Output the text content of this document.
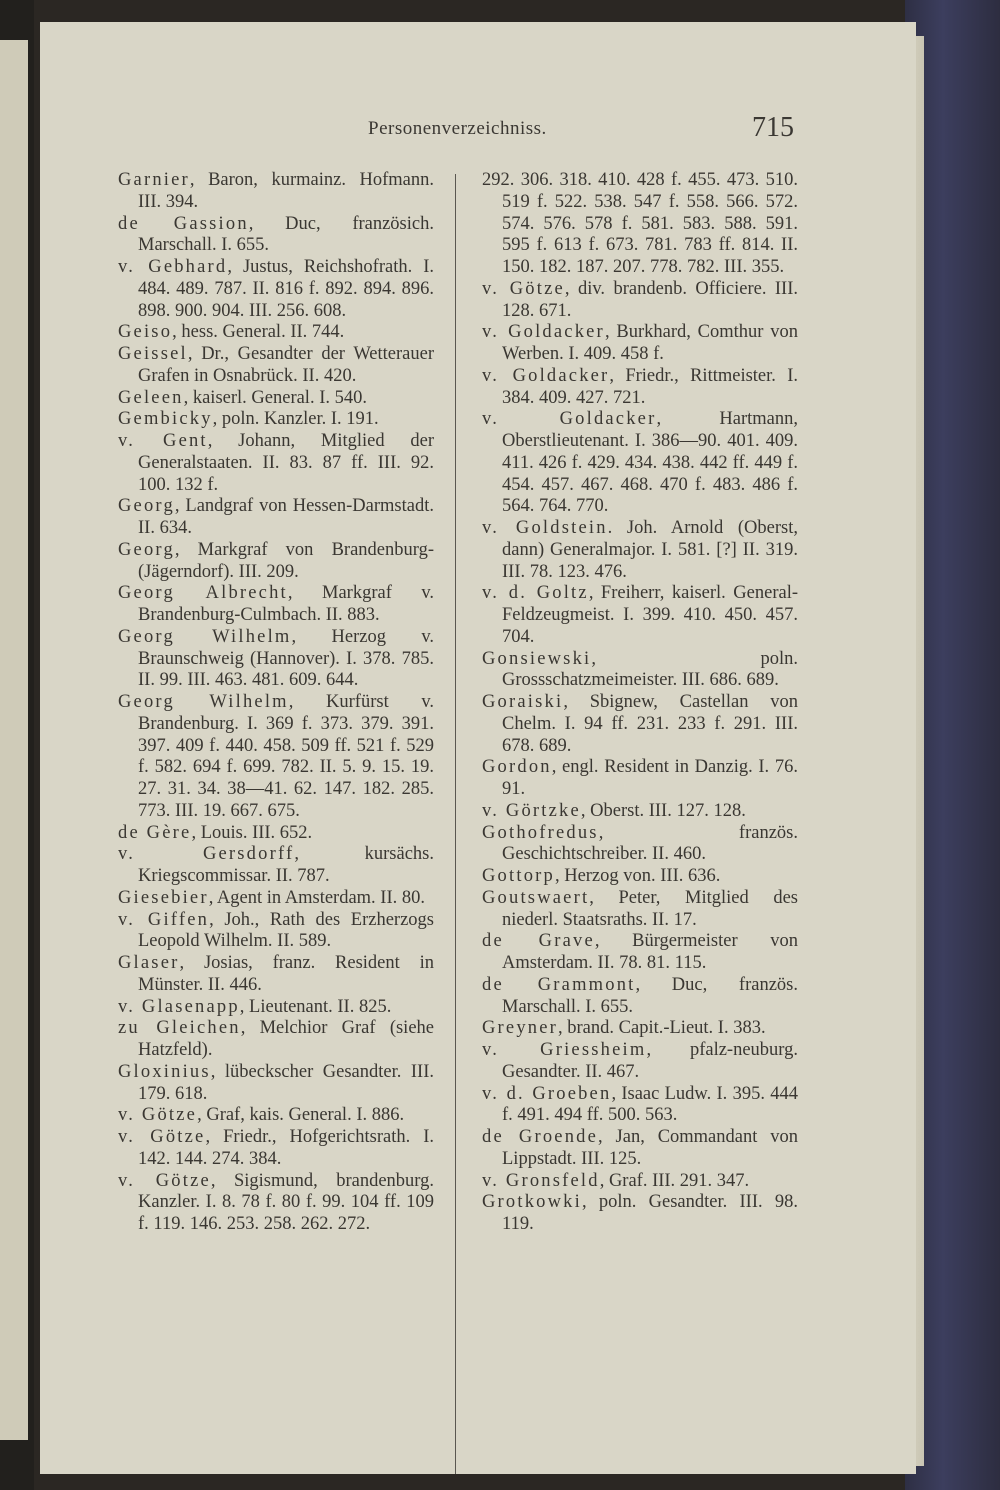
Personenverzeichniss.	715

Garnier, Baron, kurmainz. Hofmann. III. 394.

de Gassion, Duc, französich. Marschall. I. 655.

v. Gebhard, Justus, Reichshofrath. I. 484. 489. 787. II. 816 f. 892. 894. 896. 898. 900. 904. III. 256. 608.

Geiso, hess. General. II. 744.

Geissel, Dr., Gesandter der Wetterauer Grafen in Osnabrück. II. 420.

Geleen, kaiserl. General. I. 540.

Gembicky, poln. Kanzler. I. 191.

v. Gent, Johann, Mitglied der Generalstaaten. II. 83. 87 ff. III. 92. 100. 132 f.

Georg, Landgraf von Hessen-Darmstadt. II. 634.

Georg, Markgraf von Brandenburg-(Jägerndorf). III. 209.

Georg Albrecht, Markgraf v. Brandenburg-Culmbach. II. 883.

Georg Wilhelm, Herzog v. Braunschweig (Hannover). I. 378. 785. II. 99. III. 463. 481. 609. 644.

Georg Wilhelm, Kurfürst v. Brandenburg. I. 369 f. 373. 379. 391. 397. 409 f. 440. 458. 509 ff. 521 f. 529 f. 582. 694 f. 699. 782. II. 5. 9. 15. 19. 27. 31. 34. 38—41. 62. 147. 182. 285. 773. III. 19. 667. 675.

de Gère, Louis. III. 652.

v. Gersdorff, kursächs. Kriegscommissar. II. 787.

Giesebier, Agent in Amsterdam. II. 80.

v. Giffen, Joh., Rath des Erzherzogs Leopold Wilhelm. II. 589.

Glaser, Josias, franz. Resident in Münster. II. 446.

v. Glasenapp, Lieutenant. II. 825.

zu Gleichen, Melchior Graf (siehe Hatzfeld).

Gloxinius, lübeckscher Gesandter. III. 179. 618.

v. Götze, Graf, kais. General. I. 886.

v. Götze, Friedr., Hofgerichtsrath. I. 142. 144. 274. 384.

v. Götze, Sigismund, brandenburg. Kanzler. I. 8. 78 f. 80 f. 99. 104 ff. 109 f. 119. 146. 253. 258. 262. 272.

292. 306. 318. 410. 428 f. 455. 473. 510. 519 f. 522. 538. 547 f. 558. 566. 572. 574. 576. 578 f. 581. 583. 588. 591. 595 f. 613 f. 673. 781. 783 ff. 814. II. 150. 182. 187. 207. 778. 782. III. 355.

v. Götze, div. brandenb. Officiere. III. 128. 671.

v. Goldacker, Burkhard, Comthur von Werben. I. 409. 458 f.

v. Goldacker, Friedr., Rittmeister. I. 384. 409. 427. 721.

v. Goldacker, Hartmann, Oberstlieutenant. I. 386—90. 401. 409. 411. 426 f. 429. 434. 438. 442 ff. 449 f. 454. 457. 467. 468. 470 f. 483. 486 f. 564. 764. 770.

v. Goldstein. Joh. Arnold (Oberst, dann) Generalmajor. I. 581. [?] II. 319. III. 78. 123. 476.

v. d. Goltz, Freiherr, kaiserl. General-Feldzeugmeist. I. 399. 410. 450. 457. 704.

Gonsiewski, poln. Grossschatzmeimeister. III. 686. 689.

Goraiski, Sbignew, Castellan von Chelm. I. 94 ff. 231. 233 f. 291. III. 678. 689.

Gordon, engl. Resident in Danzig. I. 76. 91.

v. Görtzke, Oberst. III. 127. 128.

Gothofredus, französ. Geschichtschreiber. II. 460.

Gottorp, Herzog von. III. 636.

Goutswaert, Peter, Mitglied des niederl. Staatsraths. II. 17.

de Grave, Bürgermeister von Amsterdam. II. 78. 81. 115.

de Grammont, Duc, französ. Marschall. I. 655.

Greyner, brand. Capit.-Lieut. I. 383.

v. Griessheim, pfalz-neuburg. Gesandter. II. 467.

v. d. Groeben, Isaac Ludw. I. 395. 444 f. 491. 494 ff. 500. 563.

de Groende, Jan, Commandant von Lippstadt. III. 125.

v. Gronsfeld, Graf. III. 291. 347.

Grotkowki, poln. Gesandter. III. 98. 119.
